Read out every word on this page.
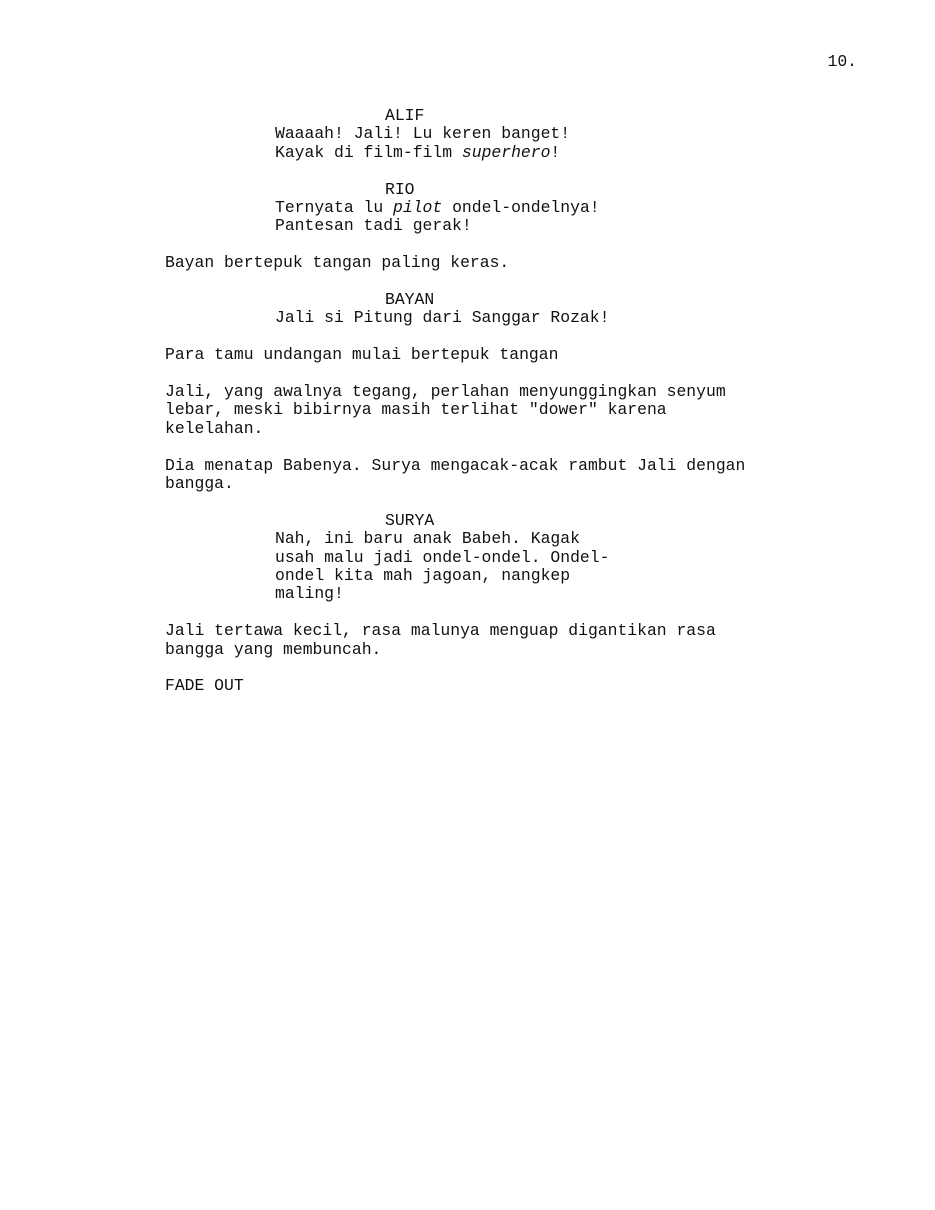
10.
ALIF
Waaaah! Jali! Lu keren banget!
Kayak di film-film superhero!
RIO
Ternyata lu pilot ondel-ondelnya!
Pantesan tadi gerak!
Bayan bertepuk tangan paling keras.
BAYAN
Jali si Pitung dari Sanggar Rozak!
Para tamu undangan mulai bertepuk tangan
Jali, yang awalnya tegang, perlahan menyunggingkan senyum
lebar, meski bibirnya masih terlihat "dower" karena
kelelahan.
Dia menatap Babenya. Surya mengacak-acak rambut Jali dengan
bangga.
SURYA
Nah, ini baru anak Babeh. Kagak
usah malu jadi ondel-ondel. Ondel-
ondel kita mah jagoan, nangkep
maling!
Jali tertawa kecil, rasa malunya menguap digantikan rasa
bangga yang membuncah.
FADE OUT
